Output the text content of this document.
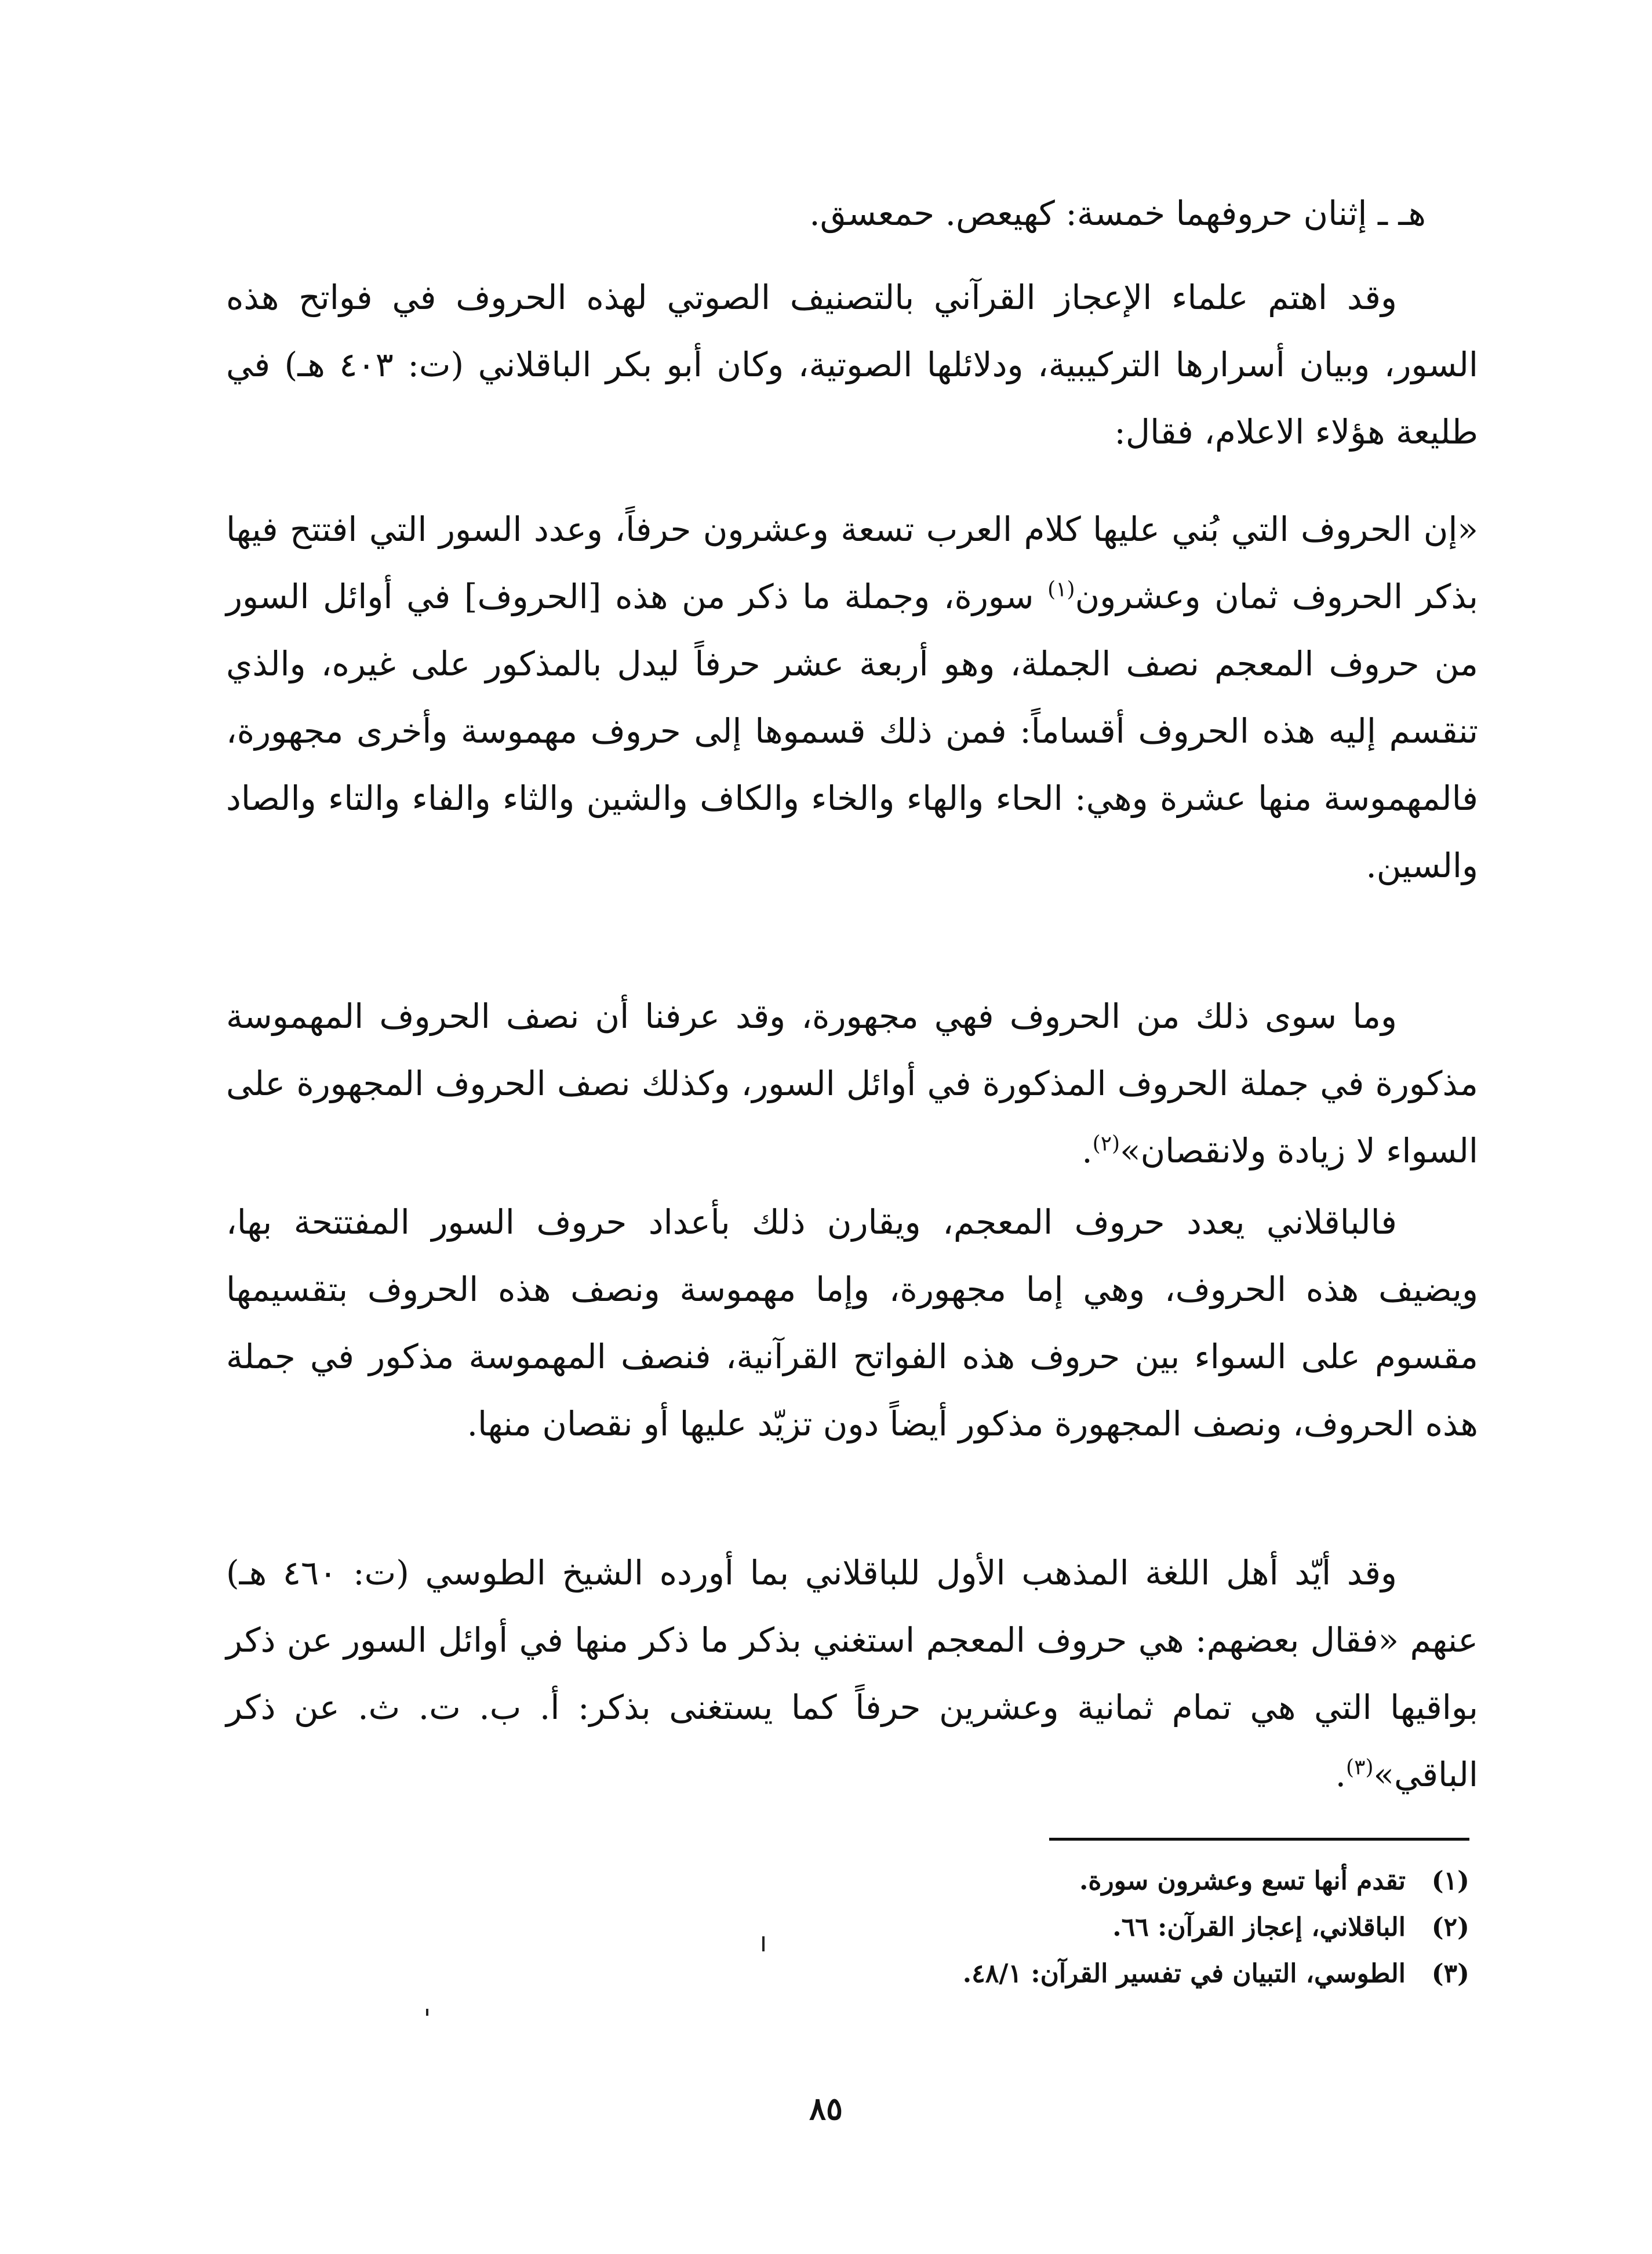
هـ ـ إثنان حروفهما خمسة: كهيعص. حمعسق.

وقد اهتم علماء الإعجاز القرآني بالتصنيف الصوتي لهذه الحروف في فواتح هذه السور، وبيان أسرارها التركيبية، ودلائلها الصوتية، وكان أبو بكر الباقلاني (ت: ٤٠٣ هـ) في طليعة هؤلاء الاعلام، فقال:

«إن الحروف التي بُني عليها كلام العرب تسعة وعشرون حرفاً، وعدد السور التي افتتح فيها بذكر الحروف ثمان وعشرون$^{(١)}$ سورة، وجملة ما ذكر من هذه [الحروف] في أوائل السور من حروف المعجم نصف الجملة، وهو أربعة عشر حرفاً ليدل بالمذكور على غيره، والذي تنقسم إليه هذه الحروف أقساماً: فمن ذلك قسموها إلى حروف مهموسة وأخرى مجهورة، فالمهموسة منها عشرة وهي: الحاء والهاء والخاء والكاف والشين والثاء والفاء والتاء والصاد والسين.

وما سوى ذلك من الحروف فهي مجهورة، وقد عرفنا أن نصف الحروف المهموسة مذكورة في جملة الحروف المذكورة في أوائل السور، وكذلك نصف الحروف المجهورة على السواء لا زيادة ولانقصان»$^{(٢)}$.

فالباقلاني يعدد حروف المعجم، ويقارن ذلك بأعداد حروف السور المفتتحة بها، ويضيف هذه الحروف، وهي إما مجهورة، وإما مهموسة ونصف هذه الحروف بتقسيمها مقسوم على السواء بين حروف هذه الفواتح القرآنية، فنصف المهموسة مذكور في جملة هذه الحروف، ونصف المجهورة مذكور أيضاً دون تزيّد عليها أو نقصان منها.

وقد أيّد أهل اللغة المذهب الأول للباقلاني بما أورده الشيخ الطوسي (ت: ٤٦٠ هـ) عنهم «فقال بعضهم: هي حروف المعجم استغني بذكر ما ذكر منها في أوائل السور عن ذكر بواقيها التي هي تمام ثمانية وعشرين حرفاً كما يستغنى بذكر: أ. ب. ت. ث. عن ذكر الباقي»$^{(٣)}$.

(١)
تقدم أنها تسع وعشرون سورة.
(٢)
الباقلاني، إعجاز القرآن: ٦٦.
(٣)
الطوسي، التبيان في تفسير القرآن: ٤٨/١.
٨٥
